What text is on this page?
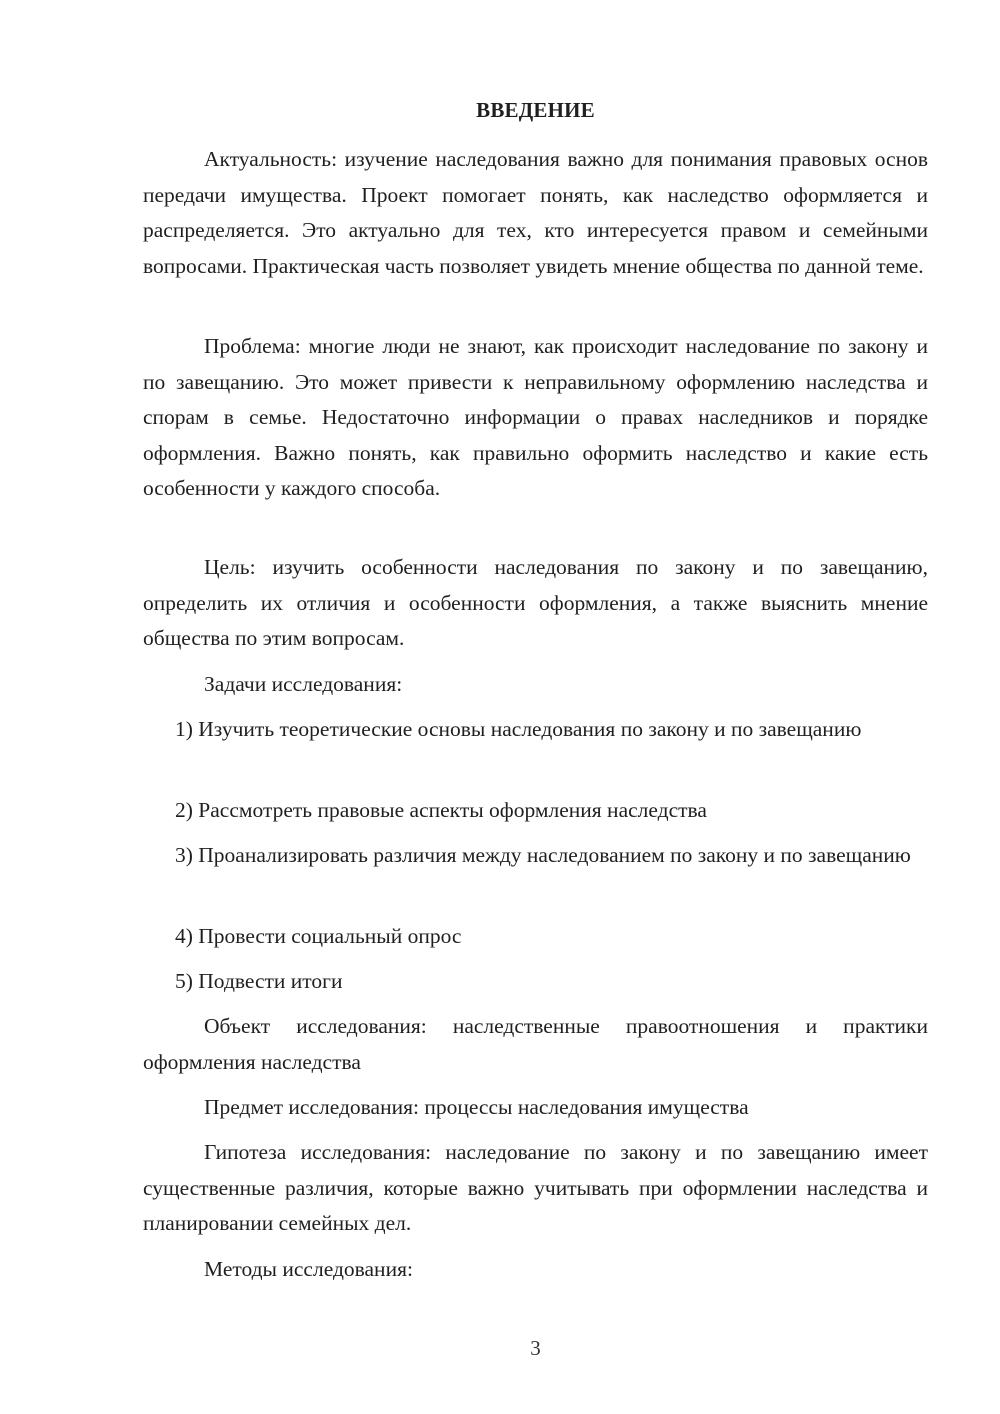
ВВЕДЕНИЕ

Актуальность: изучение наследования важно для понимания правовых основ передачи имущества. Проект помогает понять, как наследство оформляется и распределяется. Это актуально для тех, кто интересуется правом и семейными вопросами. Практическая часть позволяет увидеть мнение общества по данной теме.

Проблема: многие люди не знают, как происходит наследование по закону и по завещанию. Это может привести к неправильному оформлению наследства и спорам в семье. Недостаточно информации о правах наследников и порядке оформления. Важно понять, как правильно оформить наследство и какие есть особенности у каждого способа.

Цель: изучить особенности наследования по закону и по завещанию, определить их отличия и особенности оформления, а также выяснить мнение общества по этим вопросам.

Задачи исследования:

1) Изучить теоретические основы наследования по закону и по завещанию

2) Рассмотреть правовые аспекты оформления наследства

3) Проанализировать различия между наследованием по закону и по завещанию

4) Провести социальный опрос

5) Подвести итоги

Объект исследования: наследственные правоотношения и практики оформления наследства

Предмет исследования: процессы наследования имущества

Гипотеза исследования: наследование по закону и по завещанию имеет существенные различия, которые важно учитывать при оформлении наследства и планировании семейных дел.

Методы исследования:

3
